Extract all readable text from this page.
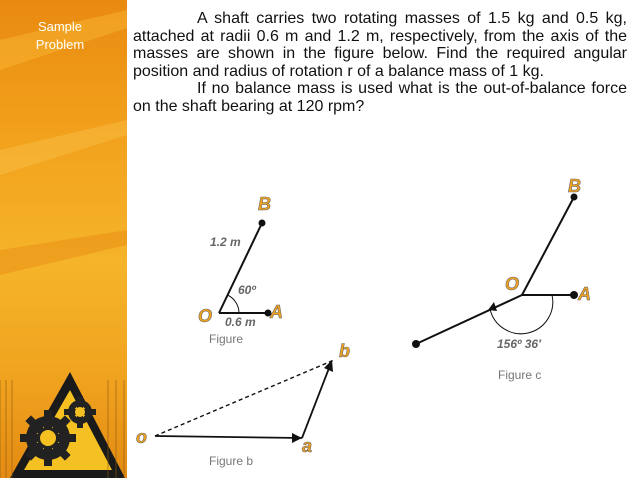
Sample Problem

A shaft carries two rotating masses of 1.5 kg and 0.5 kg, attached at radii 0.6 m and 1.2 m, respectively, from the axis of the masses are shown in the figure below. Find the required angular position and radius of rotation r of a balance mass of 1 kg.

If no balance mass is used what is the out-of-balance force on the shaft bearing at 120 rpm?

B
O	A
1.2 m
0.6 m
60º
Figure
o	a
b
Figure b
B
O	A
156º 36′
Figure c
